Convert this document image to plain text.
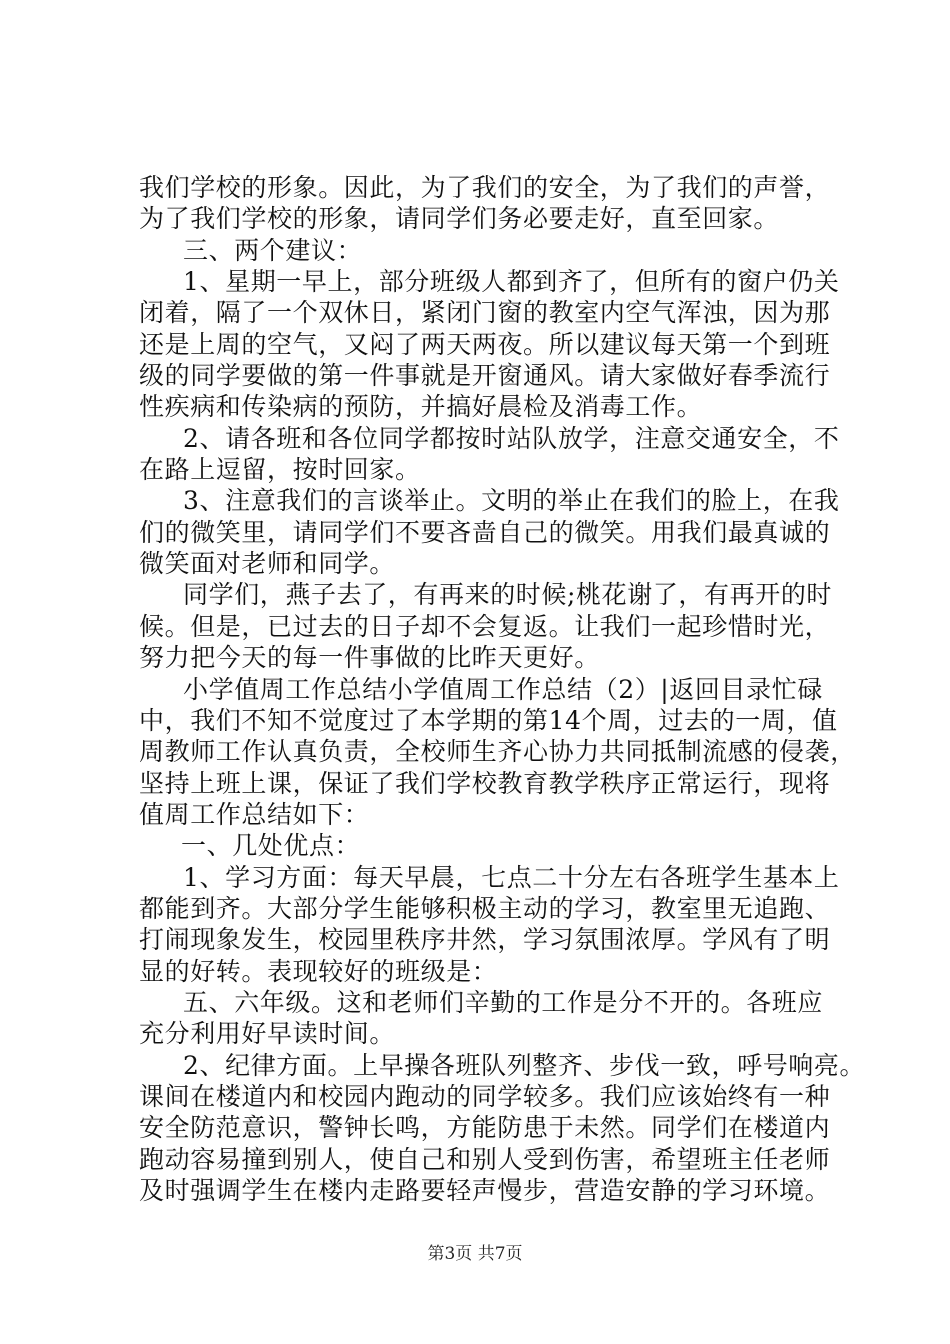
我们学校的形象。因此，为了我们的安全，为了我们的声誉，
为了我们学校的形象，请同学们务必要走好，直至回家。
三、两个建议：
1、星期一早上，部分班级人都到齐了，但所有的窗户仍关
闭着，隔了一个双休日，紧闭门窗的教室内空气浑浊，因为那
还是上周的空气，又闷了两天两夜。所以建议每天第一个到班
级的同学要做的第一件事就是开窗通风。请大家做好春季流行
性疾病和传染病的预防，并搞好晨检及消毒工作。
2、请各班和各位同学都按时站队放学，注意交通安全，不
在路上逗留，按时回家。
3、注意我们的言谈举止。文明的举止在我们的脸上，在我
们的微笑里，请同学们不要吝啬自己的微笑。用我们最真诚的
微笑面对老师和同学。
同学们，燕子去了，有再来的时候;桃花谢了，有再开的时
候。但是，已过去的日子却不会复返。让我们一起珍惜时光，
努力把今天的每一件事做的比昨天更好。
小学值周工作总结小学值周工作总结（2）|返回目录忙碌
中，我们不知不觉度过了本学期的第14个周，过去的一周，值
周教师工作认真负责，全校师生齐心协力共同抵制流感的侵袭，
坚持上班上课，保证了我们学校教育教学秩序正常运行，现将
值周工作总结如下：
一、几处优点：
1、学习方面：每天早晨，七点二十分左右各班学生基本上
都能到齐。大部分学生能够积极主动的学习，教室里无追跑、
打闹现象发生，校园里秩序井然，学习氛围浓厚。学风有了明
显的好转。表现较好的班级是：
五、六年级。这和老师们辛勤的工作是分不开的。各班应
充分利用好早读时间。
2、纪律方面。上早操各班队列整齐、步伐一致，呼号响亮。
课间在楼道内和校园内跑动的同学较多。我们应该始终有一种
安全防范意识，警钟长鸣，方能防患于未然。同学们在楼道内
跑动容易撞到别人，使自己和别人受到伤害，希望班主任老师
及时强调学生在楼内走路要轻声慢步，营造安静的学习环境。
第3页 共7页
